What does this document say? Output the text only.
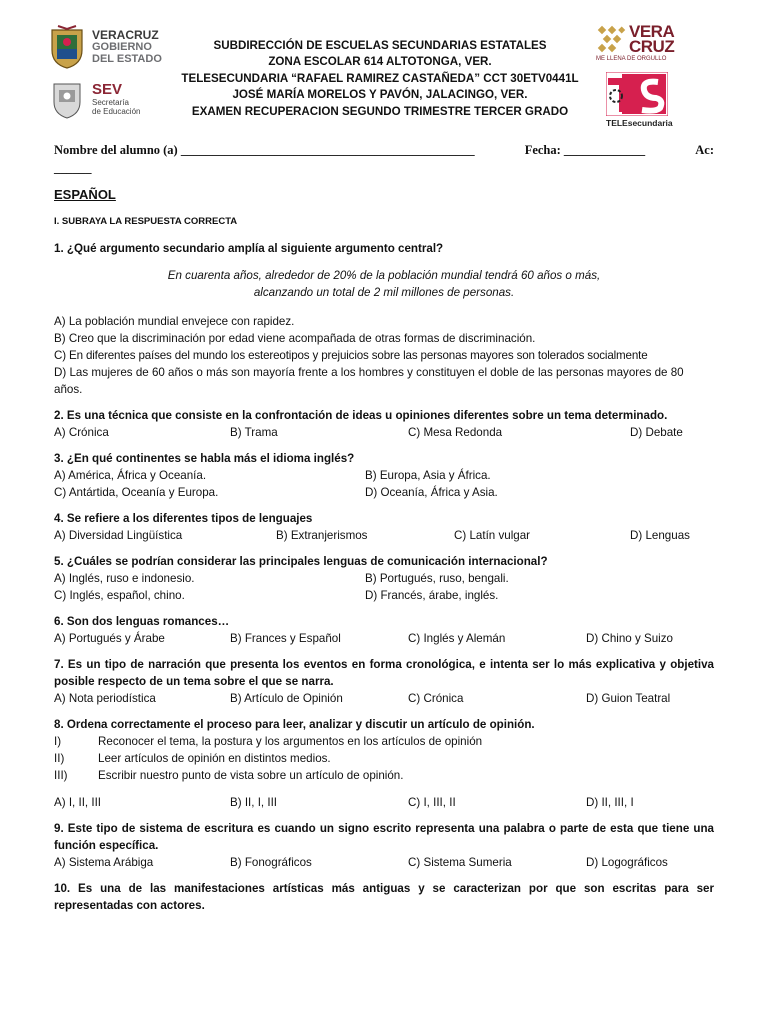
VERACRUZ
GOBIERNO
DEL ESTADO
SEV
Secretaría
de Educación
SUBDIRECCIÓN DE ESCUELAS SECUNDARIAS ESTATALES
ZONA ESCOLAR 614 ALTOTONGA, VER.
TELESECUNDARIA “RAFAEL RAMIREZ CASTAÑEDA” CCT 30ETV0441L
JOSÉ MARÍA MORELOS Y PAVÓN, JALACINGO, VER.
EXAMEN RECUPERACION SEGUNDO TRIMESTRE TERCER GRADO
VERA
CRUZ
ME LLENA DE ORGULLO
TELEsecundaria
Nombre del alumno (a) _______________________________________________	Fecha: _____________	Ac:
______
ESPAÑOL
I. SUBRAYA LA RESPUESTA CORRECTA
1. ¿Qué argumento secundario amplía al siguiente argumento central?
En cuarenta años, alrededor de 20% de la población mundial tendrá 60 años o más,
alcanzando un total de 2 mil millones de personas.
A) La población mundial envejece con rapidez.
B) Creo que la discriminación por edad viene acompañada de otras formas de discriminación.
C) En diferentes países del mundo los estereotipos y prejuicios sobre las personas mayores son tolerados socialmente
D) Las mujeres de 60 años o más son mayoría frente a los hombres y constituyen el doble de las personas mayores de 80 años.
2. Es una técnica que consiste en la confrontación de ideas u opiniones diferentes sobre un tema determinado.
A) Crónica	B) Trama	C) Mesa Redonda	D) Debate
3. ¿En qué continentes se habla más el idioma inglés?
A) América, África y Oceanía.	B) Europa, Asia y África.
C) Antártida, Oceanía y Europa.	D) Oceanía, África y Asia.
4. Se refiere a los diferentes tipos de lenguajes
A) Diversidad Lingüística	B) Extranjerismos	C) Latín vulgar	D) Lenguas
5. ¿Cuáles se podrían considerar las principales lenguas de comunicación internacional?
A) Inglés, ruso e indonesio.	B) Portugués, ruso, bengali.
C) Inglés, español, chino.	D) Francés, árabe, inglés.
6. Son dos lenguas romances…
A) Portugués y Árabe	B) Frances y Español	C) Inglés y Alemán	D) Chino y Suizo
7. Es un tipo de narración que presenta los eventos en forma cronológica, e intenta ser lo más explicativa y objetiva posible respecto de un tema sobre el que se narra.
A) Nota periodística	B) Artículo de Opinión	C) Crónica	D) Guion Teatral
8. Ordena correctamente el proceso para leer, analizar y discutir un artículo de opinión.
I)	Reconocer el tema, la postura y los argumentos en los artículos de opinión
II)	Leer artículos de opinión en distintos medios.
III)	Escribir nuestro punto de vista sobre un artículo de opinión.
A) I, II, III	B) II, I, III	C) I, III, II	D) II, III, I
9. Este tipo de sistema de escritura es cuando un signo escrito representa una palabra o parte de esta que tiene una función específica.
A) Sistema Arábiga	B) Fonográficos	C) Sistema Sumeria	D) Logográficos
10. Es una de las manifestaciones artísticas más antiguas y se caracterizan por que son escritas para ser representadas con actores.
